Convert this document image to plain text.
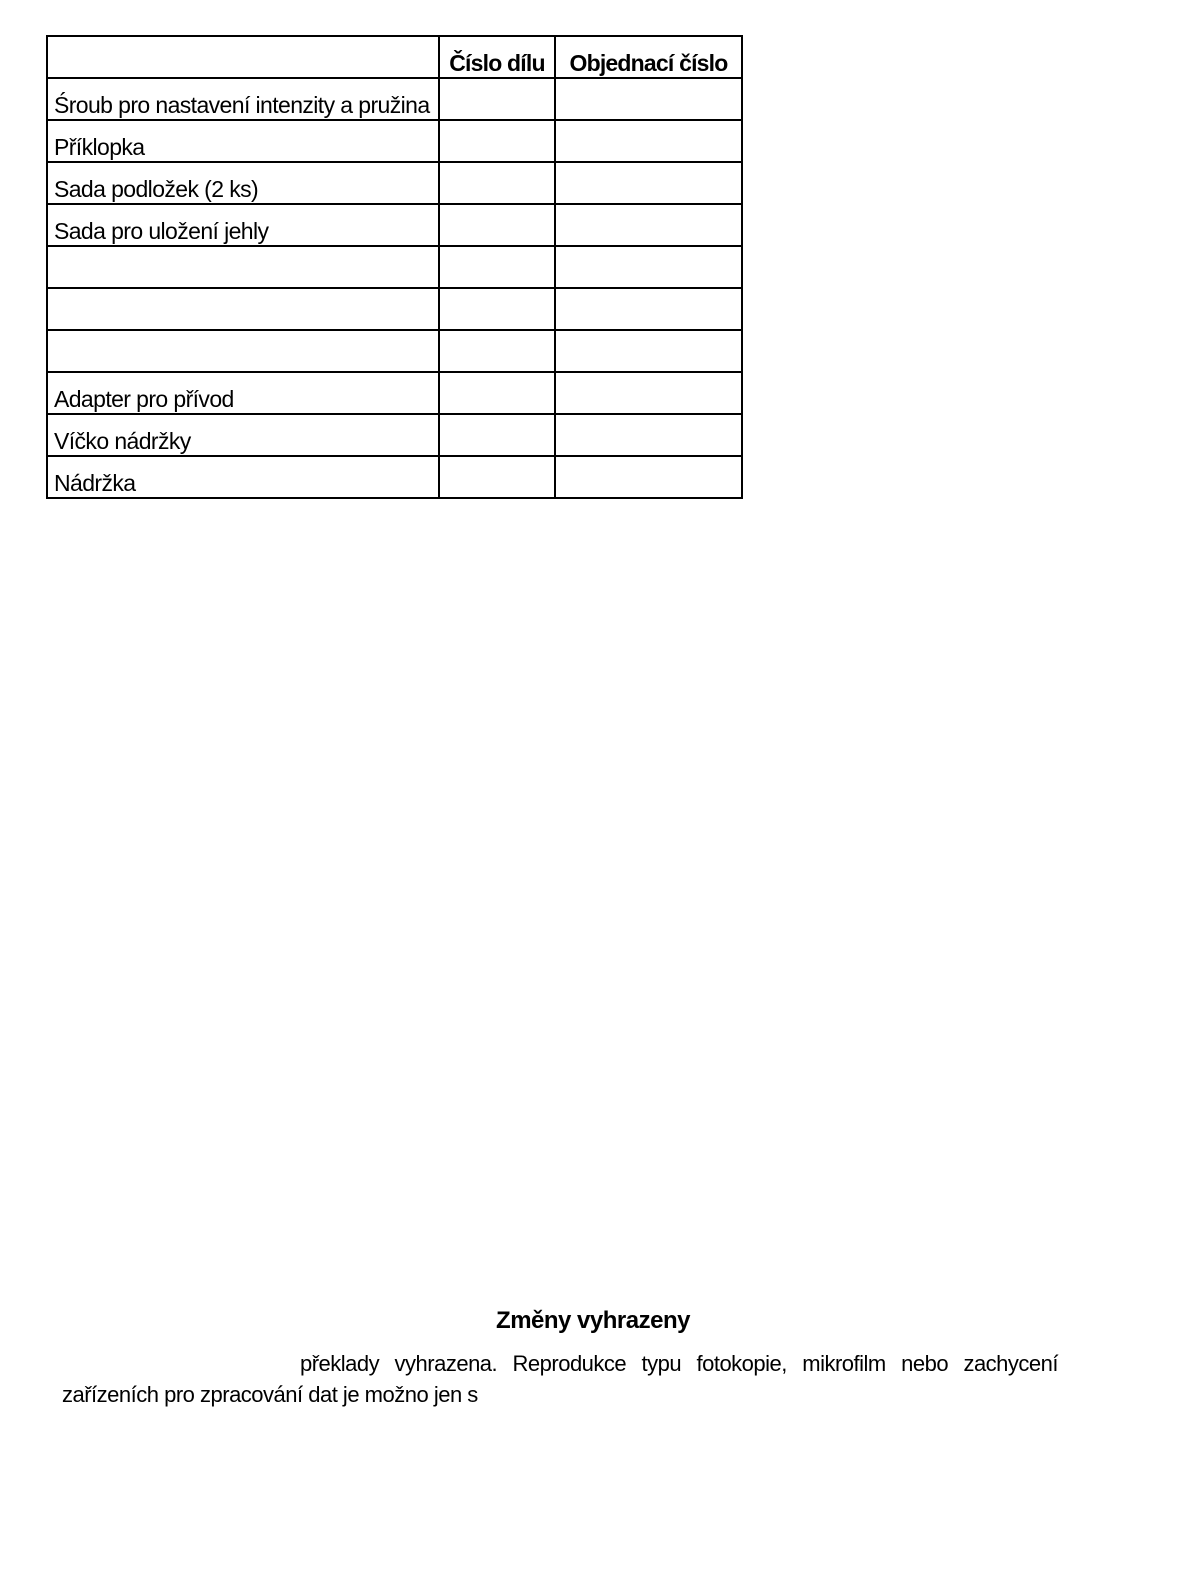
	Číslo dílu	Objednací číslo
Śroub pro nastavení intenzity a pružina		
Příklopka		
Sada podložek (2 ks)		
Sada pro uložení jehly		

Adapter pro přívod		
Víčko nádržky		
Nádržka		
Změny vyhrazeny

překlady vyhrazena. Reprodukce typu fotokopie, mikrofilm nebo zachycení

zařízeních pro zpracování dat je možno jen s
